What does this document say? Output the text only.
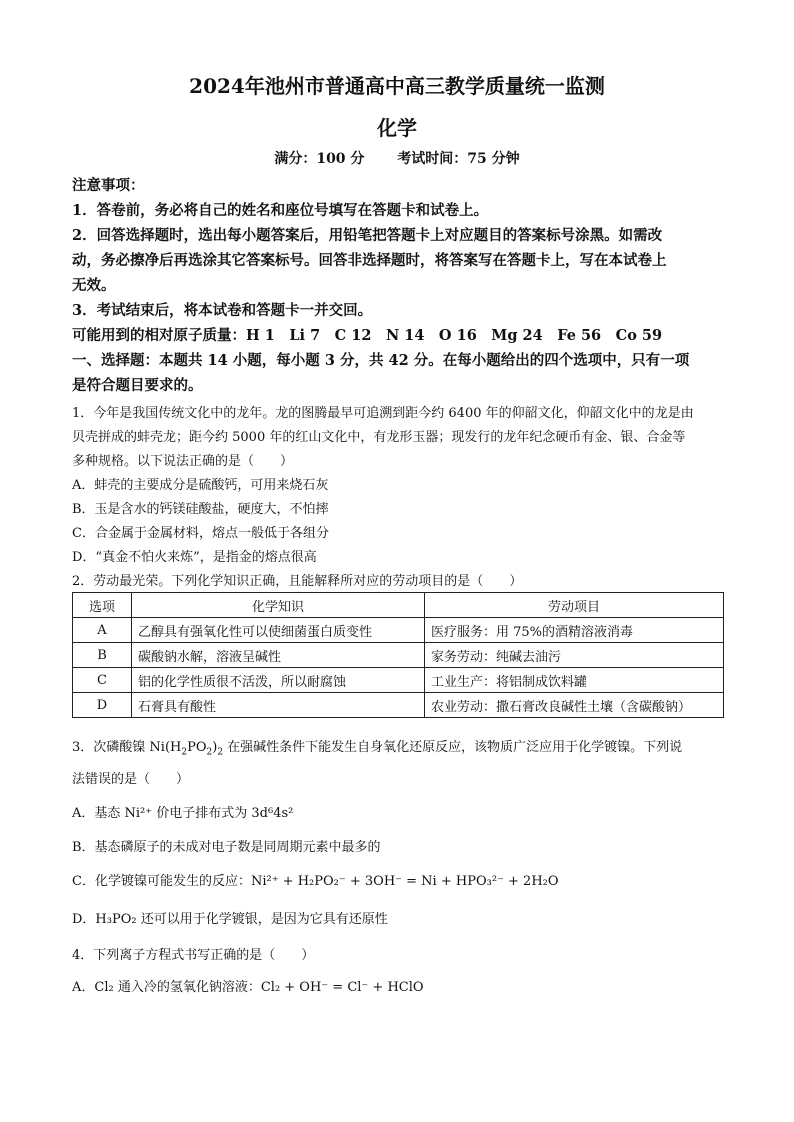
2024年池州市普通高中高三教学质量统一监测
化学
满分：100 分 考试时间：75 分钟
注意事项：
1．答卷前，务必将自己的姓名和座位号填写在答题卡和试卷上。
2．回答选择题时，选出每小题答案后，用铅笔把答题卡上对应题目的答案标号涂黑。如需改
动，务必擦净后再选涂其它答案标号。回答非选择题时，将答案写在答题卡上，写在本试卷上
无效。
3．考试结束后，将本试卷和答题卡一并交回。
可能用到的相对原子质量：H 1　Li 7　C 12　N 14　O 16　Mg 24　Fe 56　Co 59
一、选择题：本题共 14 小题，每小题 3 分，共 42 分。在每小题给出的四个选项中，只有一项
是符合题目要求的。
1．今年是我国传统文化中的龙年。龙的图腾最早可追溯到距今约 6400 年的仰韶文化，仰韶文化中的龙是由
贝壳拼成的蚌壳龙；距今约 5000 年的红山文化中，有龙形玉器；现发行的龙年纪念硬币有金、银、合金等
多种规格。以下说法正确的是（　　）
A．蚌壳的主要成分是硫酸钙，可用来烧石灰
B．玉是含水的钙镁硅酸盐，硬度大，不怕摔
C．合金属于金属材料，熔点一般低于各组分
D．“真金不怕火来炼”，是指金的熔点很高
2．劳动最光荣。下列化学知识正确，且能解释所对应的劳动项目的是（　　）
选项	化学知识	劳动项目
A	乙醇具有强氧化性可以使细菌蛋白质变性	医疗服务：用 75%的酒精溶液消毒
B	碳酸钠水解，溶液呈碱性	家务劳动：纯碱去油污
C	铝的化学性质很不活泼，所以耐腐蚀	工业生产：将铝制成饮料罐
D	石膏具有酸性	农业劳动：撒石膏改良碱性土壤（含碳酸钠）
3．次磷酸镍 $Ni(H_2PO_2)_2$ 在强碱性条件下能发生自身氧化还原反应，该物质广泛应用于化学镀镍。下列说
法错误的是（　　）
A．基态 Ni²⁺ 价电子排布式为 3d⁶4s²
B．基态磷原子的未成对电子数是同周期元素中最多的
C．化学镀镍可能发生的反应：Ni²⁺ + H₂PO₂⁻ + 3OH⁻ = Ni + HPO₃²⁻ + 2H₂O
D．H₃PO₂ 还可以用于化学镀银，是因为它具有还原性
4．下列离子方程式书写正确的是（　　）
A．Cl₂ 通入冷的氢氧化钠溶液：Cl₂ + OH⁻ = Cl⁻ + HClO
